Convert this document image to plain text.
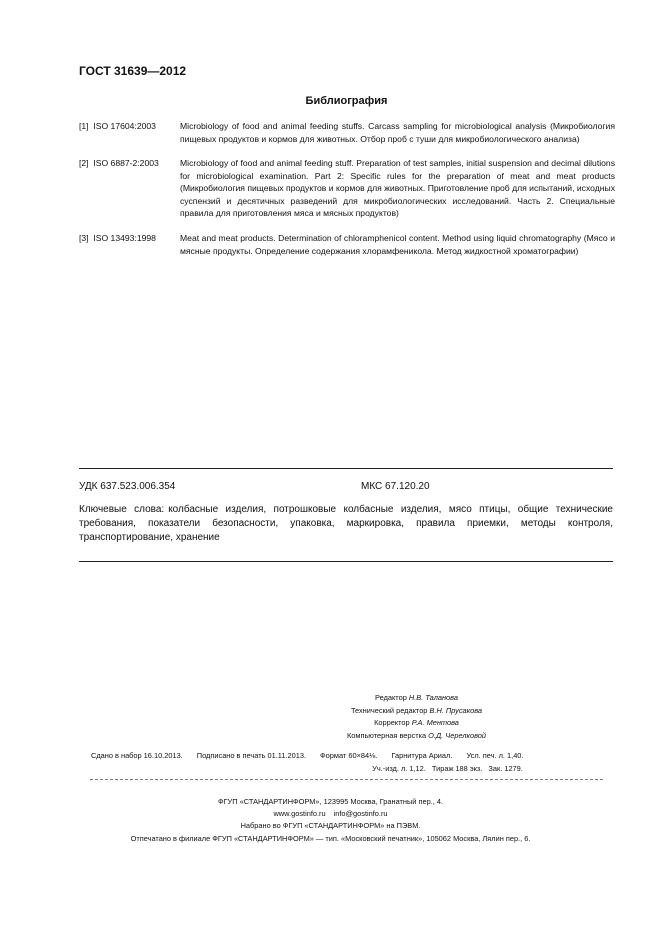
ГОСТ 31639—2012
Библиография
[1] ISO 17604:2003	Microbiology of food and animal feeding stuffs. Carcass sampling for microbiological analysis (Микробиология пищевых продуктов и кормов для животных. Отбор проб с туши для микробиологического анализа)
[2] ISO 6887-2:2003 Microbiology of food and animal feeding stuff. Preparation of test samples, initial suspension and decimal dilutions for microbiological examination. Part 2: Specific rules for the preparation of meat and meat products (Микробиология пищевых продуктов и кормов для животных. Приготовление проб для испытаний, исходных суспензий и десятичных разведений для микробиологических исследований. Часть 2. Специальные правила для приготовления мяса и мясных продуктов)
[3] ISO 13493:1998	Meat and meat products. Determination of chloramphenicol content. Method using liquid chromatography (Мясо и мясные продукты. Определение содержания хлорамфеникола. Метод жидкостной хроматографии)
УДК 637.523.006.354	МКС 67.120.20
Ключевые слова: колбасные изделия, потрошковые колбасные изделия, мясо птицы, общие технические требования, показатели безопасности, упаковка, маркировка, правила приемки, методы контроля, транспортирование, хранение
Редактор Н.В. Таланова
Технический редактор В.Н. Прусакова
Корректор Р.А. Ментова
Компьютерная верстка О.Д. Черелковой
Сдано в набор 16.10.2013. Подписано в печать 01.11.2013. Формат 60×84⅛. Гарнитура Ариал. Усл. печ. л. 1,40.
Уч.-изд. л. 1,12. Тираж 188 экз. Зак. 1279.
ФГУП «СТАНДАРТИНФОРМ», 123995 Москва, Гранатный пер., 4.
www.gostinfo.ru info@gostinfo.ru
Набрано во ФГУП «СТАНДАРТИНФОРМ» на ПЭВМ.
Отпечатано в филиале ФГУП «СТАНДАРТИНФОРМ» — тип. «Московский печатник», 105062 Москва, Лялин пер., 6.
